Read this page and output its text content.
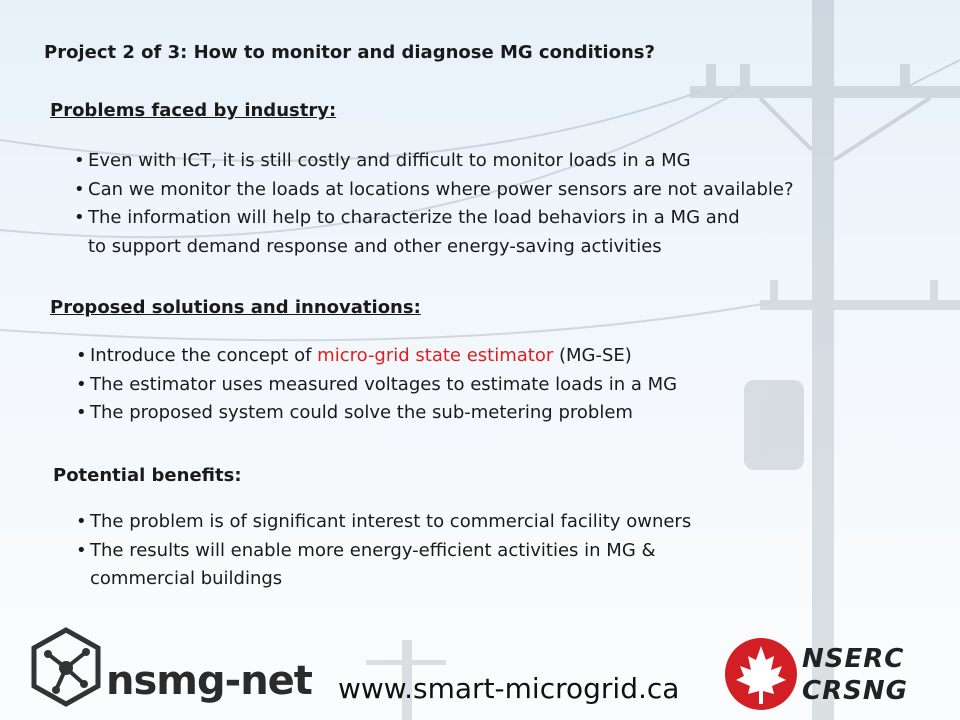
Project 2 of 3: How to monitor and diagnose MG conditions?
Problems faced by industry:
• Even with ICT, it is still costly and difficult to monitor loads in a MG
• Can we monitor the loads at locations where power sensors are not available?
• The information will help to characterize the load behaviors in a MG and
to support demand response and other energy-saving activities
Proposed solutions and innovations:
• Introduce the concept of micro-grid state estimator (MG-SE)
• The estimator uses measured voltages to estimate loads in a MG
• The proposed system could solve the sub-metering problem
Potential benefits:
• The problem is of significant interest to commercial facility owners
• The results will enable more energy-efficient activities in MG &
commercial buildings
nsmg-net www.smart-microgrid.ca
NSERC
CRSNG
